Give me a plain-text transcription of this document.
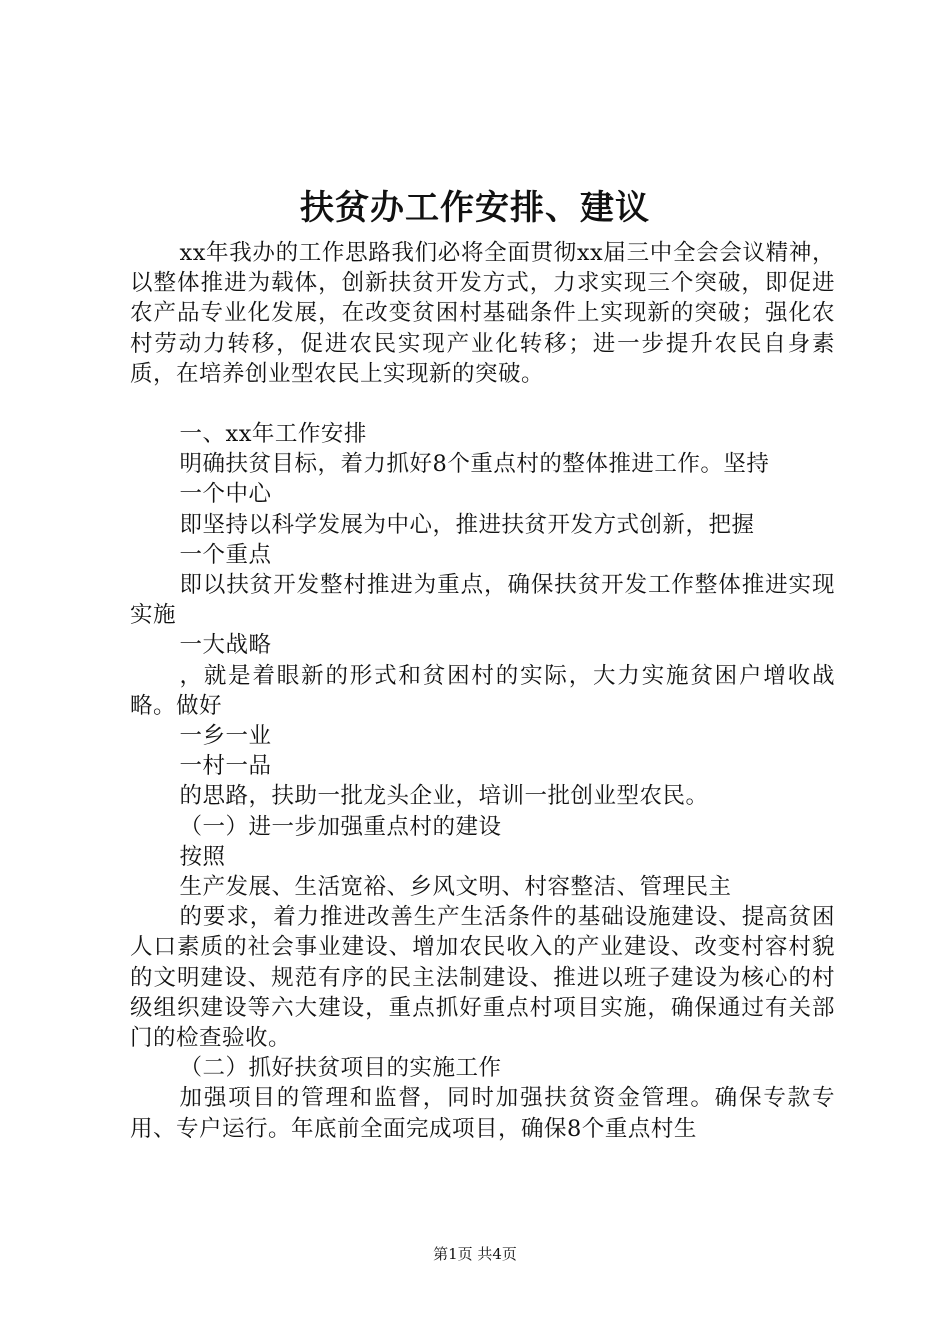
扶贫办工作安排、建议

xx年我办的工作思路我们必将全面贯彻xx届三中全会会议精神，以整体推进为载体，创新扶贫开发方式，力求实现三个突破，即促进农产品专业化发展，在改变贫困村基础条件上实现新的突破；强化农村劳动力转移，促进农民实现产业化转移；进一步提升农民自身素质，在培养创业型农民上实现新的突破。

一、xx年工作安排

明确扶贫目标，着力抓好8个重点村的整体推进工作。坚持

一个中心

即坚持以科学发展为中心，推进扶贫开发方式创新，把握

一个重点

即以扶贫开发整村推进为重点，确保扶贫开发工作整体推进实现实施

一大战略

，就是着眼新的形式和贫困村的实际，大力实施贫困户增收战略。做好

一乡一业

一村一品

的思路，扶助一批龙头企业，培训一批创业型农民。

（一）进一步加强重点村的建设

按照

生产发展、生活宽裕、乡风文明、村容整洁、管理民主

的要求，着力推进改善生产生活条件的基础设施建设、提高贫困人口素质的社会事业建设、增加农民收入的产业建设、改变村容村貌的文明建设、规范有序的民主法制建设、推进以班子建设为核心的村级组织建设等六大建设，重点抓好重点村项目实施，确保通过有关部门的检查验收。

（二）抓好扶贫项目的实施工作

加强项目的管理和监督，同时加强扶贫资金管理。确保专款专用、专户运行。年底前全面完成项目，确保8个重点村生

第1页 共4页
